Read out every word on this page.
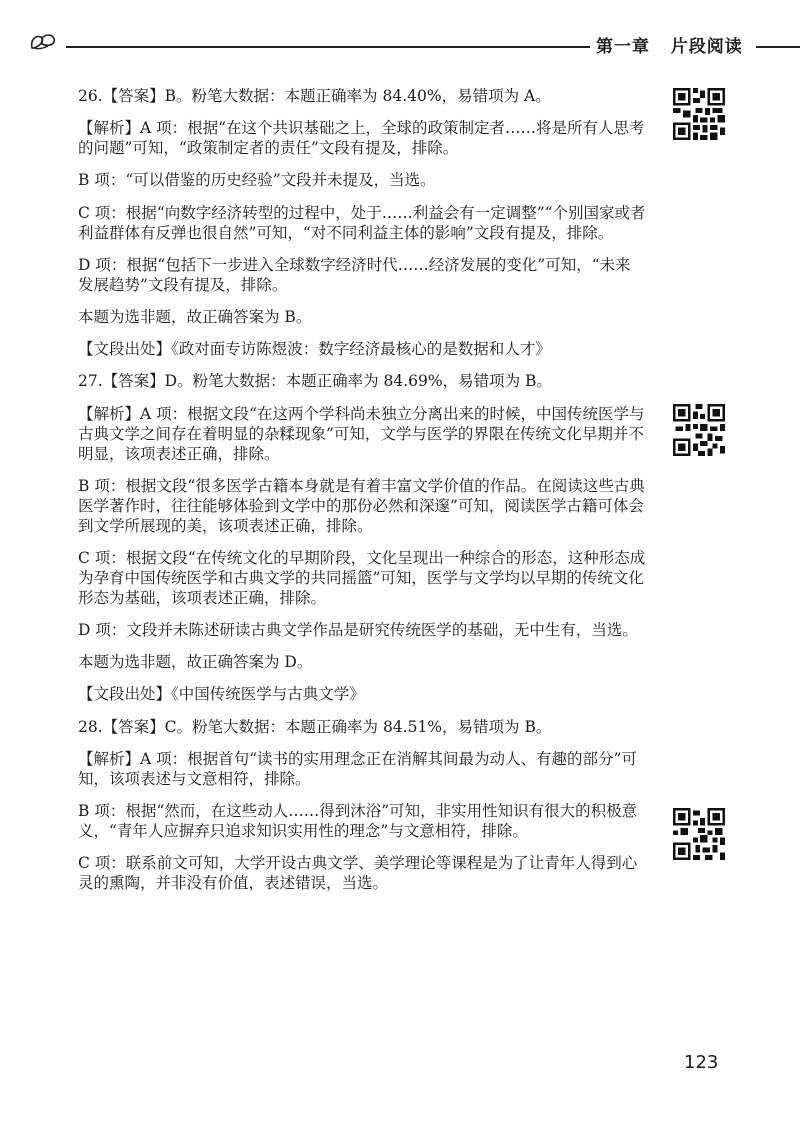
第一章 片段阅读

26.【答案】B。粉笔大数据：本题正确率为 84.40%，易错项为 A。

【解析】A 项：根据“在这个共识基础之上，全球的政策制定者……将是所有人思考的问题”可知，“政策制定者的责任”文段有提及，排除。

B 项：“可以借鉴的历史经验”文段并未提及，当选。

C 项：根据“向数字经济转型的过程中，处于……利益会有一定调整”“个别国家或者利益群体有反弹也很自然”可知，“对不同利益主体的影响”文段有提及，排除。

D 项：根据“包括下一步进入全球数字经济时代……经济发展的变化”可知，“未来发展趋势”文段有提及，排除。

本题为选非题，故正确答案为 B。

【文段出处】《政对面专访陈煜波：数字经济最核心的是数据和人才》

27.【答案】D。粉笔大数据：本题正确率为 84.69%，易错项为 B。

【解析】A 项：根据文段“在这两个学科尚未独立分离出来的时候，中国传统医学与古典文学之间存在着明显的杂糅现象”可知，文学与医学的界限在传统文化早期并不明显，该项表述正确，排除。

B 项：根据文段“很多医学古籍本身就是有着丰富文学价值的作品。在阅读这些古典医学著作时，往往能够体验到文学中的那份必然和深邃”可知，阅读医学古籍可体会到文学所展现的美，该项表述正确，排除。

C 项：根据文段“在传统文化的早期阶段，文化呈现出一种综合的形态，这种形态成为孕育中国传统医学和古典文学的共同摇篮”可知，医学与文学均以早期的传统文化形态为基础，该项表述正确，排除。

D 项：文段并未陈述研读古典文学作品是研究传统医学的基础，无中生有，当选。

本题为选非题，故正确答案为 D。

【文段出处】《中国传统医学与古典文学》

28.【答案】C。粉笔大数据：本题正确率为 84.51%，易错项为 B。

【解析】A 项：根据首句“读书的实用理念正在消解其间最为动人、有趣的部分”可知，该项表述与文意相符，排除。

B 项：根据“然而，在这些动人……得到沐浴”可知，非实用性知识有很大的积极意义，“青年人应摒弃只追求知识实用性的理念”与文意相符，排除。

C 项：联系前文可知，大学开设古典文学、美学理论等课程是为了让青年人得到心灵的熏陶，并非没有价值，表述错误，当选。

123
